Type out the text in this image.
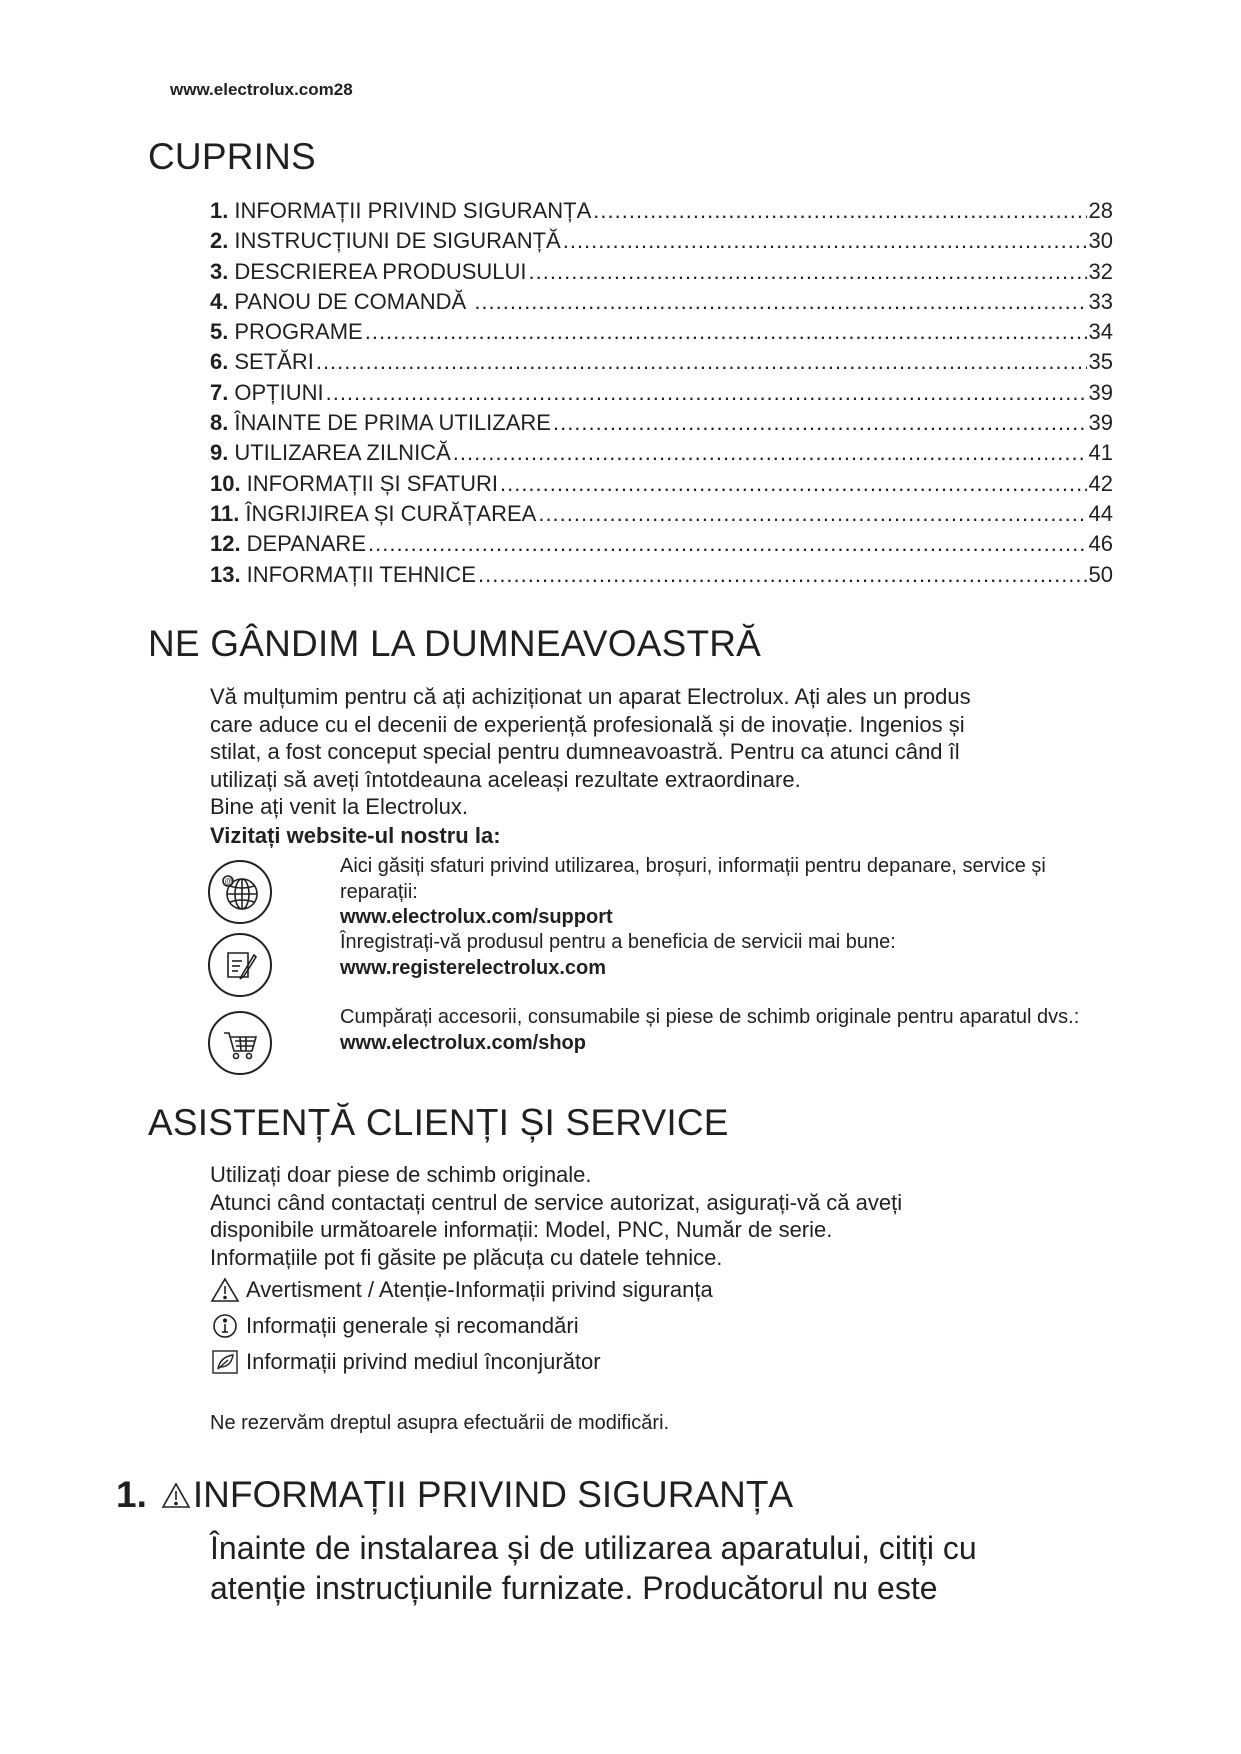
www.electrolux.com28
CUPRINS
1. INFORMAȚII PRIVIND SIGURANȚA .....	28
2. INSTRUCȚIUNI DE SIGURANȚĂ .....	30
3. DESCRIEREA PRODUSULUI .....	32
4. PANOU DE COMANDĂ .....	33
5. PROGRAME .....	34
6. SETĂRI .....	35
7. OPȚIUNI .....	39
8. ÎNAINTE DE PRIMA UTILIZARE .....	39
9. UTILIZAREA ZILNICĂ .....	41
10. INFORMAȚII ȘI SFATURI .....	42
11. ÎNGRIJIREA ȘI CURĂȚAREA .....	44
12. DEPANARE .....	46
13. INFORMAȚII TEHNICE .....	50
NE GÂNDIM LA DUMNEAVOASTRĂ
Vă mulțumim pentru că ați achiziționat un aparat Electrolux. Ați ales un produs
care aduce cu el decenii de experiență profesională și de inovație. Ingenios și
stilat, a fost conceput special pentru dumneavoastră. Pentru ca atunci când îl
utilizați să aveți întotdeauna aceleași rezultate extraordinare.
Bine ați venit la Electrolux.
Vizitați website-ul nostru la:
@
Aici găsiți sfaturi privind utilizarea, broșuri, informații pentru depanare, service și reparații:
www.electrolux.com/support
Înregistrați-vă produsul pentru a beneficia de servicii mai bune:
www.registerelectrolux.com
Cumpărați accesorii, consumabile și piese de schimb originale pentru aparatul dvs.:
www.electrolux.com/shop
ASISTENȚĂ CLIENȚI ȘI SERVICE
Utilizați doar piese de schimb originale.
Atunci când contactați centrul de service autorizat, asigurați-vă că aveți
disponibile următoarele informații: Model, PNC, Număr de serie.
Informațiile pot fi găsite pe plăcuța cu datele tehnice.
Avertisment / Atenție-Informații privind siguranța
Informații generale și recomandări
Informații privind mediul înconjurător

Ne rezervăm dreptul asupra efectuării de modificări.

1. INFORMAȚII PRIVIND SIGURANȚA
Înainte de instalarea și de utilizarea aparatului, citiți cu
atenție instrucțiunile furnizate. Producătorul nu este
